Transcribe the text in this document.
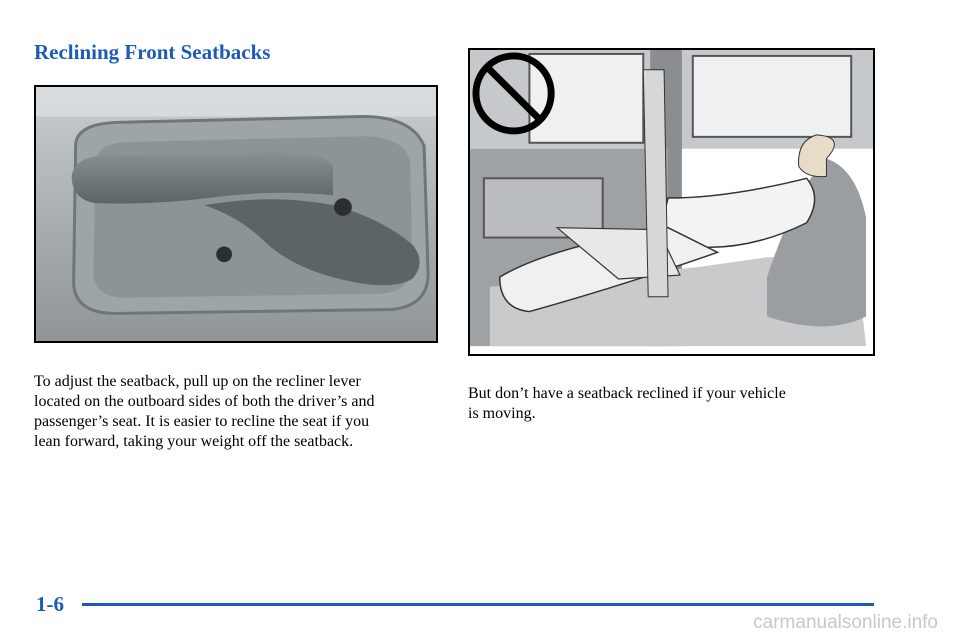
Reclining Front Seatbacks

To adjust the seatback, pull up on the recliner lever
located on the outboard sides of both the driver’s and
passenger’s seat. It is easier to recline the seat if you
lean forward, taking your weight off the seatback.

But don’t have a seatback reclined if your vehicle
is moving.

1-6
carmanualsonline.info
